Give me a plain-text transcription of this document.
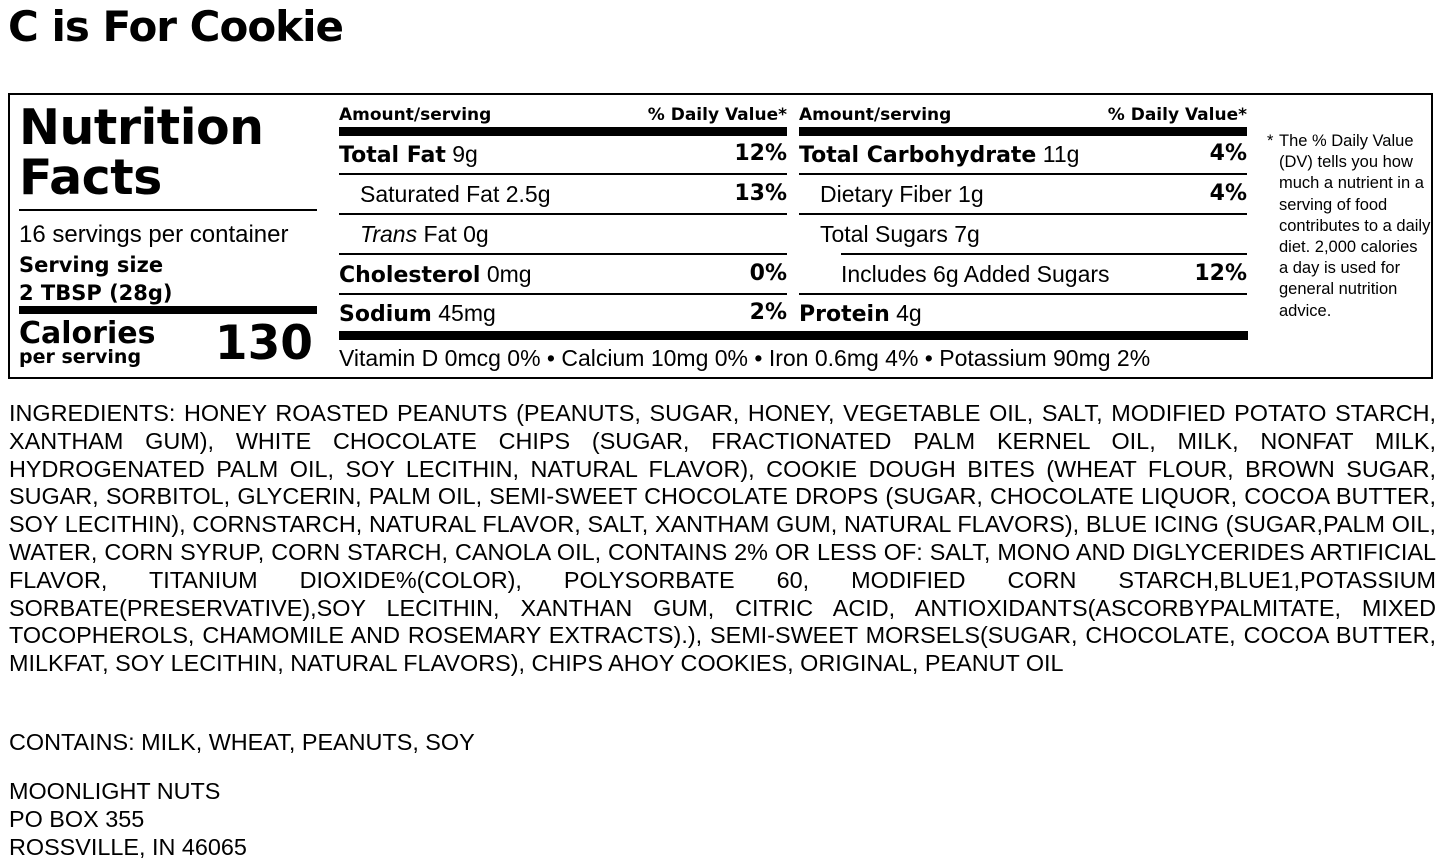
C is For Cookie
Nutrition
Facts
16 servings per container
Serving size
2 TBSP (28g)
Calories
per serving 130
Amount/serving	% Daily Value*
Total Fat 9g	12%
Saturated Fat 2.5g	13%
Trans Fat 0g
Cholesterol 0mg	0%
Sodium 45mg	2%
Amount/serving	% Daily Value*
Total Carbohydrate 11g	4%
Dietary Fiber 1g	4%
Total Sugars 7g
Includes 6g Added Sugars	12%
Protein 4g
Vitamin D 0mcg 0% • Calcium 10mg 0% • Iron 0.6mg 4% • Potassium 90mg 2%
* The % Daily Value (DV) tells you how much a nutrient in a serving of food contributes to a daily diet. 2,000 calories a day is used for general nutrition advice.
INGREDIENTS: HONEY ROASTED PEANUTS (PEANUTS, SUGAR, HONEY, VEGETABLE OIL, SALT, MODIFIED POTATO STARCH, XANTHAM GUM), WHITE CHOCOLATE CHIPS (SUGAR, FRACTIONATED PALM KERNEL OIL, MILK, NONFAT MILK, HYDROGENATED PALM OIL, SOY LECITHIN, NATURAL FLAVOR), COOKIE DOUGH BITES (WHEAT FLOUR, BROWN SUGAR, SUGAR, SORBITOL, GLYCERIN, PALM OIL, SEMI-SWEET CHOCOLATE DROPS (SUGAR, CHOCOLATE LIQUOR, COCOA BUTTER, SOY LECITHIN), CORNSTARCH, NATURAL FLAVOR, SALT, XANTHAM GUM, NATURAL FLAVORS), BLUE ICING (SUGAR,PALM OIL, WATER, CORN SYRUP, CORN STARCH, CANOLA OIL, CONTAINS 2% OR LESS OF: SALT, MONO AND DIGLYCERIDES ARTIFICIAL FLAVOR, TITANIUM DIOXIDE%(COLOR), POLYSORBATE 60, MODIFIED CORN STARCH,BLUE1,POTASSIUM SORBATE(PRESERVATIVE),SOY LECITHIN, XANTHAN GUM, CITRIC ACID, ANTIOXIDANTS(ASCORBYPALMITATE, MIXED TOCOPHEROLS, CHAMOMILE AND ROSEMARY EXTRACTS).), SEMI-SWEET MORSELS(SUGAR, CHOCOLATE, COCOA BUTTER, MILKFAT, SOY LECITHIN, NATURAL FLAVORS), CHIPS AHOY COOKIES, ORIGINAL, PEANUT OIL
CONTAINS: MILK, WHEAT, PEANUTS, SOY
MOONLIGHT NUTS
PO BOX 355
ROSSVILLE, IN 46065
